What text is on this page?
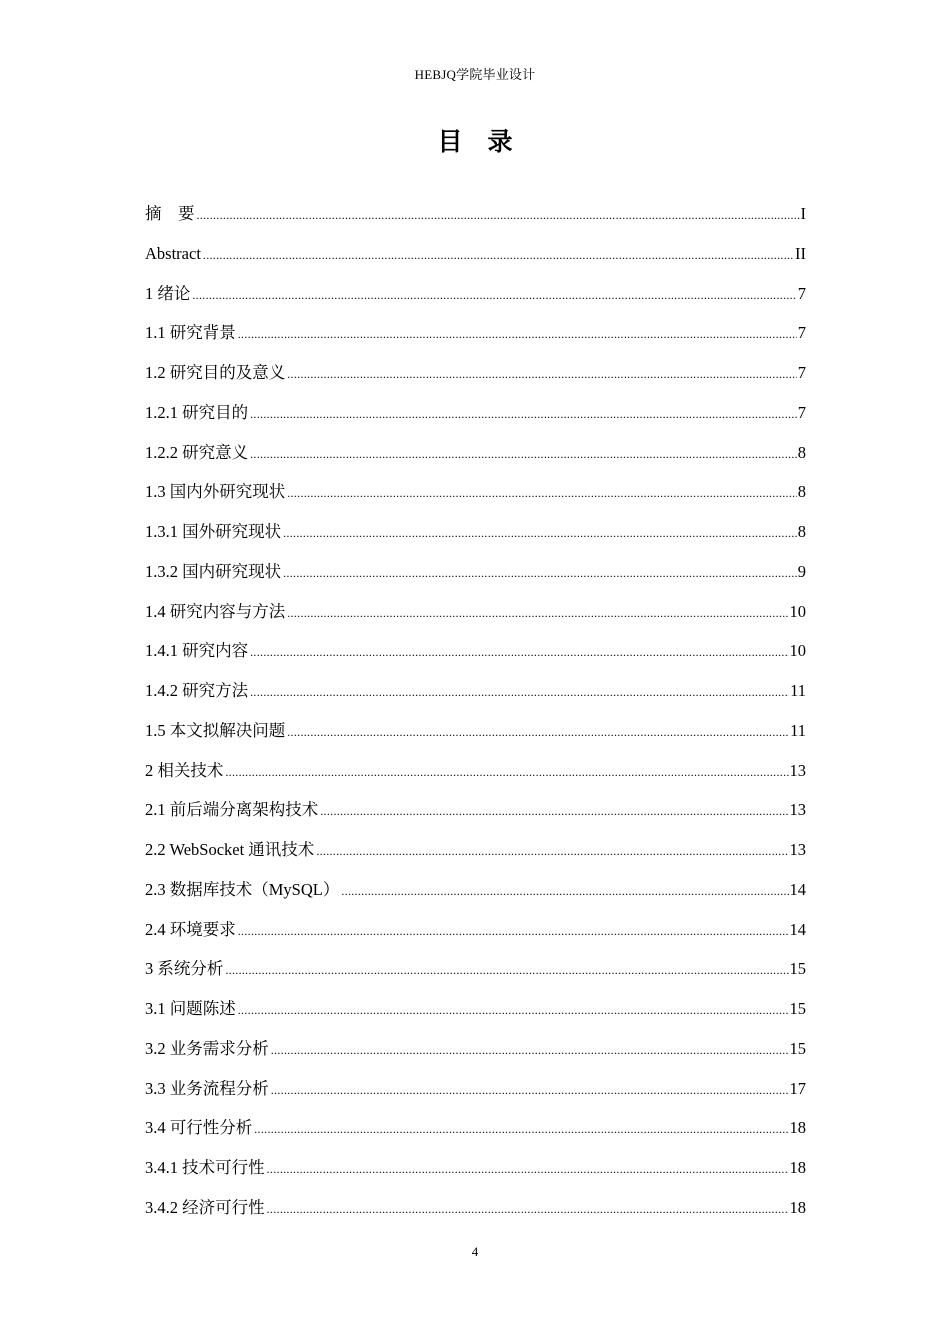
HEBJQ学院毕业设计
目　录
摘　要 .....	I
Abstract .....	II
1 绪论 .....	7
1.1 研究背景 .....	7
1.2 研究目的及意义 .....	7
1.2.1 研究目的 .....	7
1.2.2 研究意义 .....	8
1.3 国内外研究现状 .....	8
1.3.1 国外研究现状 .....	8
1.3.2 国内研究现状 .....	9
1.4 研究内容与方法 .....	10
1.4.1 研究内容 .....	10
1.4.2 研究方法 .....	11
1.5 本文拟解决问题 .....	11
2 相关技术 .....	13
2.1 前后端分离架构技术 .....	13
2.2 WebSocket 通讯技术 .....	13
2.3 数据库技术（MySQL） .....	14
2.4 环境要求 .....	14
3 系统分析 .....	15
3.1 问题陈述 .....	15
3.2 业务需求分析 .....	15
3.3 业务流程分析 .....	17
3.4 可行性分析 .....	18
3.4.1 技术可行性 .....	18
3.4.2 经济可行性 .....	18
4
